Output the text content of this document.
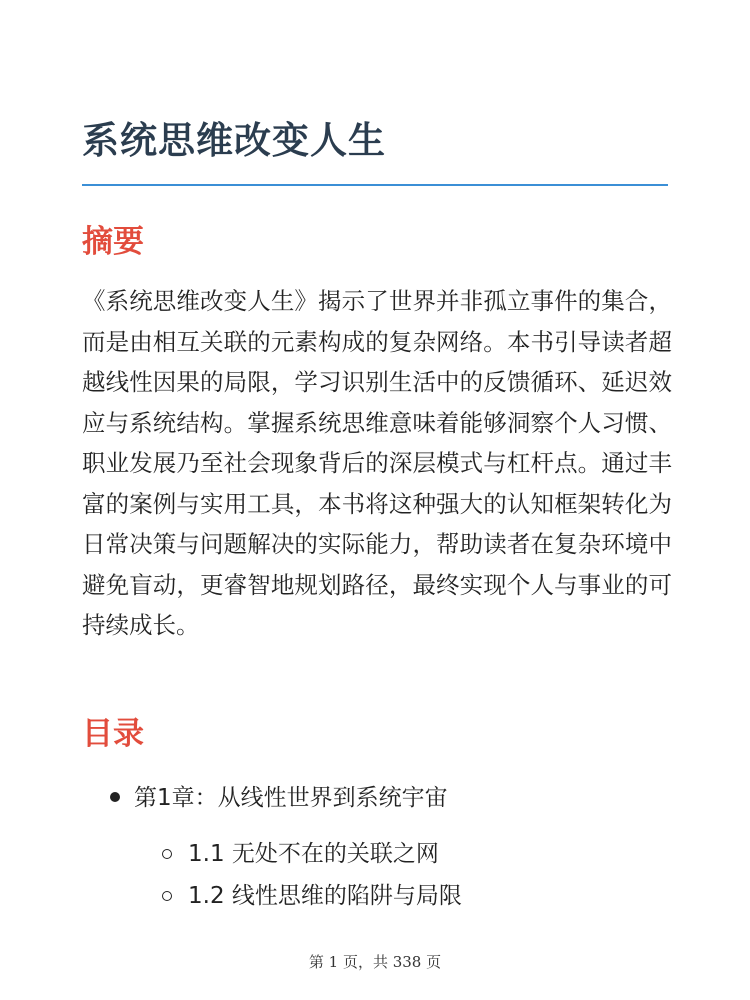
系统思维改变人生
摘要

《系统思维改变人生》揭示了世界并非孤立事件的集合，而是由相互关联的元素构成的复杂网络。本书引导读者超越线性因果的局限，学习识别生活中的反馈循环、延迟效应与系统结构。掌握系统思维意味着能够洞察个人习惯、职业发展乃至社会现象背后的深层模式与杠杆点。通过丰富的案例与实用工具，本书将这种强大的认知框架转化为日常决策与问题解决的实际能力，帮助读者在复杂环境中避免盲动，更睿智地规划路径，最终实现个人与事业的可持续成长。

目录
第1章：从线性世界到系统宇宙
1.1 无处不在的关联之网
1.2 线性思维的陷阱与局限
第 1 页，共 338 页
